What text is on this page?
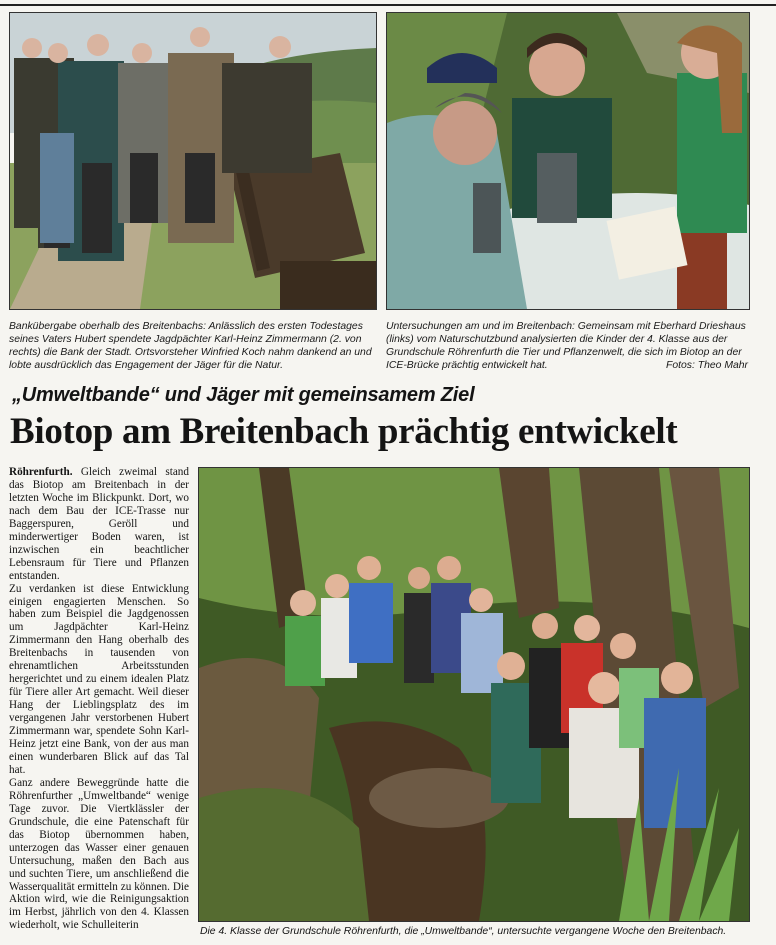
Bankübergabe oberhalb des Breitenbachs: Anlässlich des ersten Todestages seines Vaters Hubert spendete Jagdpächter Karl-Heinz Zimmermann (2. von rechts) die Bank der Stadt. Ortsvorsteher Winfried Koch nahm dankend an und lobte ausdrücklich das Engagement der Jäger für die Natur.

Untersuchungen am und im Breitenbach: Gemeinsam mit Eberhard Drieshaus (links) vom Naturschutzbund analysierten die Kinder der 4. Klasse aus der Grundschule Röhrenfurth die Tier und Pflanzenwelt, die sich im Biotop an der ICE-Brücke prächtig entwickelt hat.	Fotos: Theo Mahr

„Umweltbande“ und Jäger mit gemeinsamem Ziel
Biotop am Breitenbach prächtig entwickelt

Röhrenfurth. Gleich zweimal stand das Biotop am Breitenbach in der letzten Woche im Blickpunkt. Dort, wo nach dem Bau der ICE-Trasse nur Baggerspuren, Geröll und minderwertiger Boden waren, ist inzwischen ein beachtlicher Lebensraum für Tiere und Pflanzen entstanden.

Zu verdanken ist diese Entwicklung einigen engagierten Menschen. So haben zum Beispiel die Jagdgenossen um Jagdpächter Karl-Heinz Zimmermann den Hang oberhalb des Breitenbachs in tausenden von ehrenamtlichen Arbeitsstunden hergerichtet und zu einem idealen Platz für Tiere aller Art gemacht. Weil dieser Hang der Lieblingsplatz des im vergangenen Jahr verstorbenen Hubert Zimmermann war, spendete Sohn Karl-Heinz jetzt eine Bank, von der aus man einen wunderbaren Blick auf das Tal hat.

Ganz andere Beweggründe hatte die Röhrenfurther „Umweltbande“ wenige Tage zuvor. Die Viertklässler der Grundschule, die eine Patenschaft für das Biotop übernommen haben, unterzogen das Wasser einer genauen Untersuchung, maßen den Bach aus und suchten Tiere, um anschließend die Wasserqualität ermitteln zu können. Die Aktion wird, wie die Reinigungsaktion im Herbst, jährlich von den 4. Klassen wiederholt, wie Schulleiterin

Die 4. Klasse der Grundschule Röhrenfurth, die „Umweltbande“, untersuchte vergangene Woche den Breitenbach.
